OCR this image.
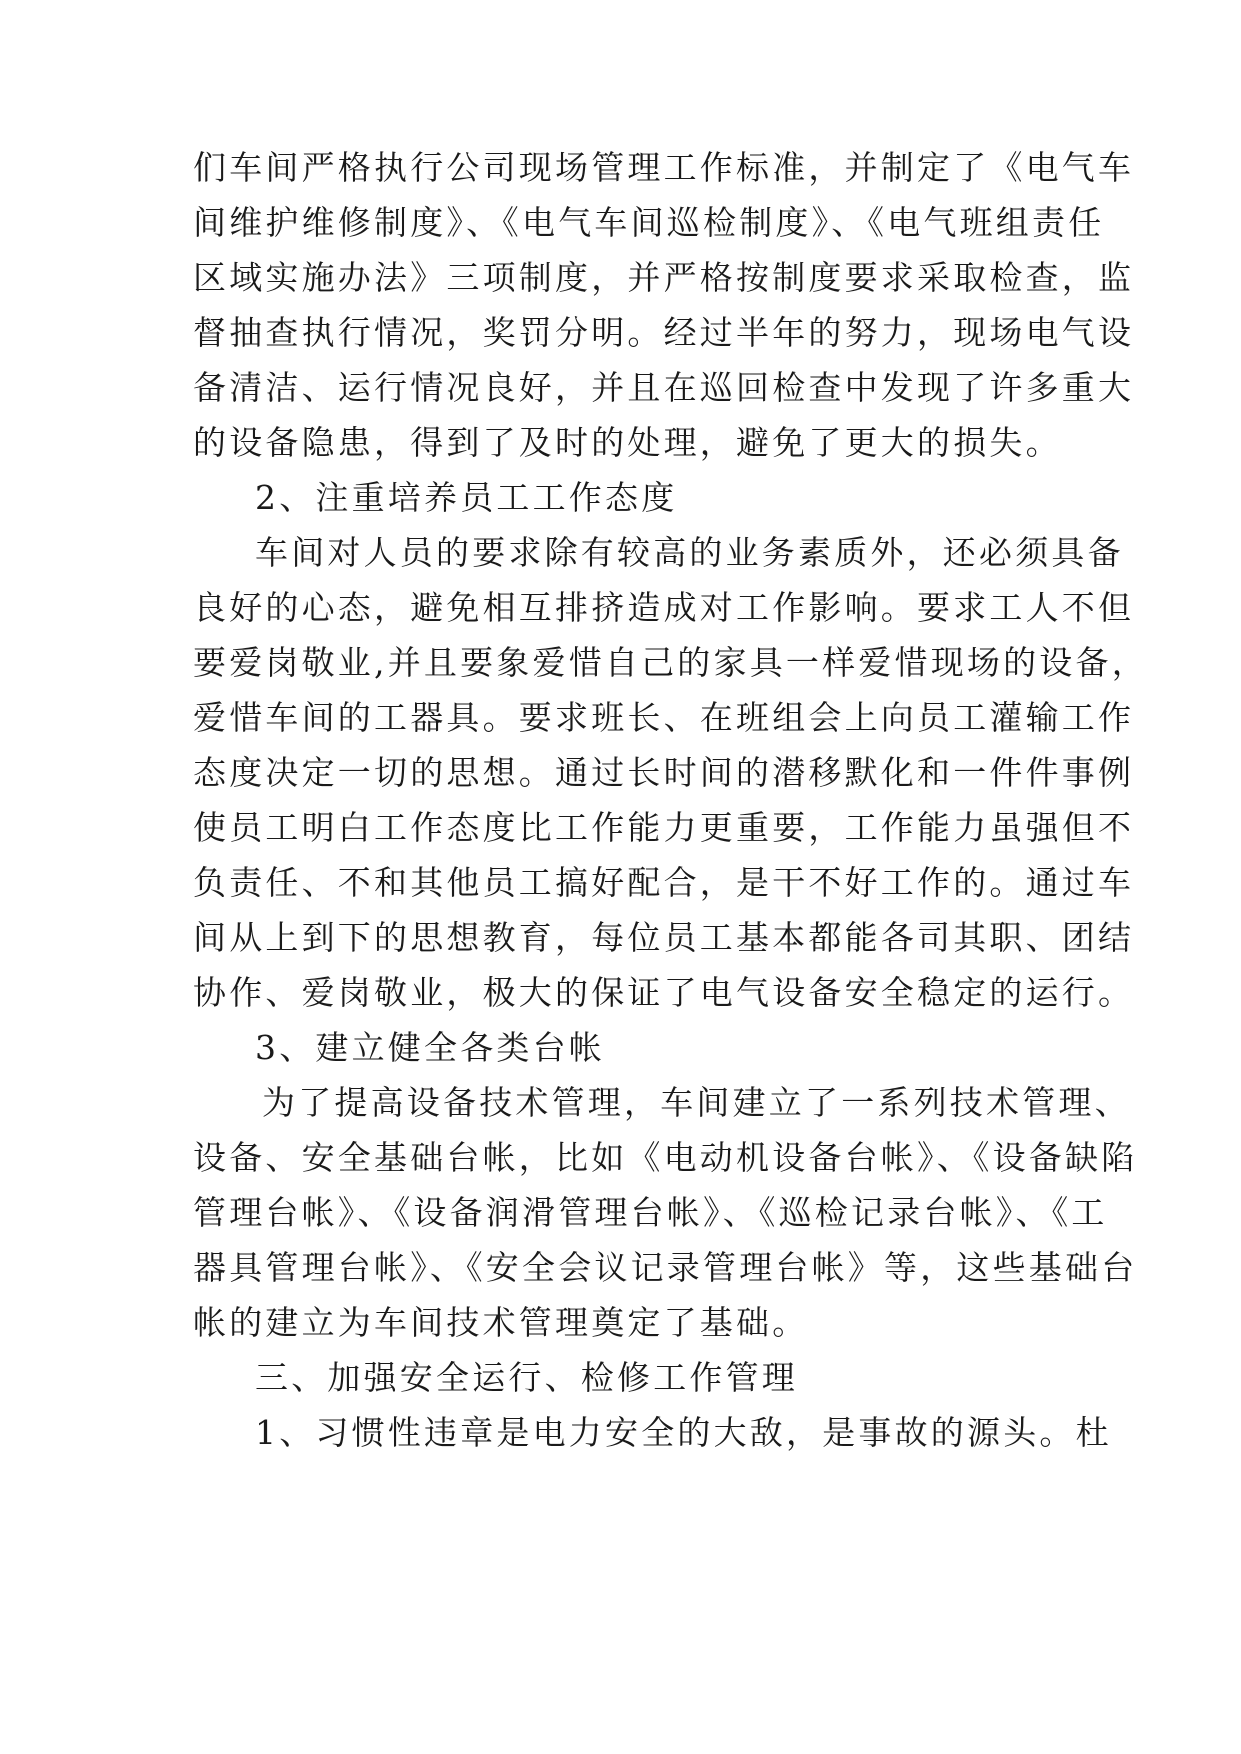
们车间严格执行公司现场管理工作标准，并制定了《电气车
间维护维修制度》、《电气车间巡检制度》、《电气班组责任
区域实施办法》三项制度，并严格按制度要求采取检查，监
督抽查执行情况，奖罚分明。经过半年的努力，现场电气设
备清洁、运行情况良好，并且在巡回检查中发现了许多重大
的设备隐患，得到了及时的处理，避免了更大的损失。
2、注重培养员工工作态度
车间对人员的要求除有较高的业务素质外，还必须具备
良好的心态，避免相互排挤造成对工作影响。要求工人不但
要爱岗敬业,并且要象爱惜自己的家具一样爱惜现场的设备，
爱惜车间的工器具。要求班长、在班组会上向员工灌输工作
态度决定一切的思想。通过长时间的潜移默化和一件件事例
使员工明白工作态度比工作能力更重要，工作能力虽强但不
负责任、不和其他员工搞好配合，是干不好工作的。通过车
间从上到下的思想教育，每位员工基本都能各司其职、团结
协作、爱岗敬业，极大的保证了电气设备安全稳定的运行。
3、建立健全各类台帐
为了提高设备技术管理，车间建立了一系列技术管理、
设备、安全基础台帐，比如《电动机设备台帐》、《设备缺陷
管理台帐》、《设备润滑管理台帐》、《巡检记录台帐》、《工
器具管理台帐》、《安全会议记录管理台帐》等，这些基础台
帐的建立为车间技术管理奠定了基础。
三、加强安全运行、检修工作管理
1、习惯性违章是电力安全的大敌，是事故的源头。杜
